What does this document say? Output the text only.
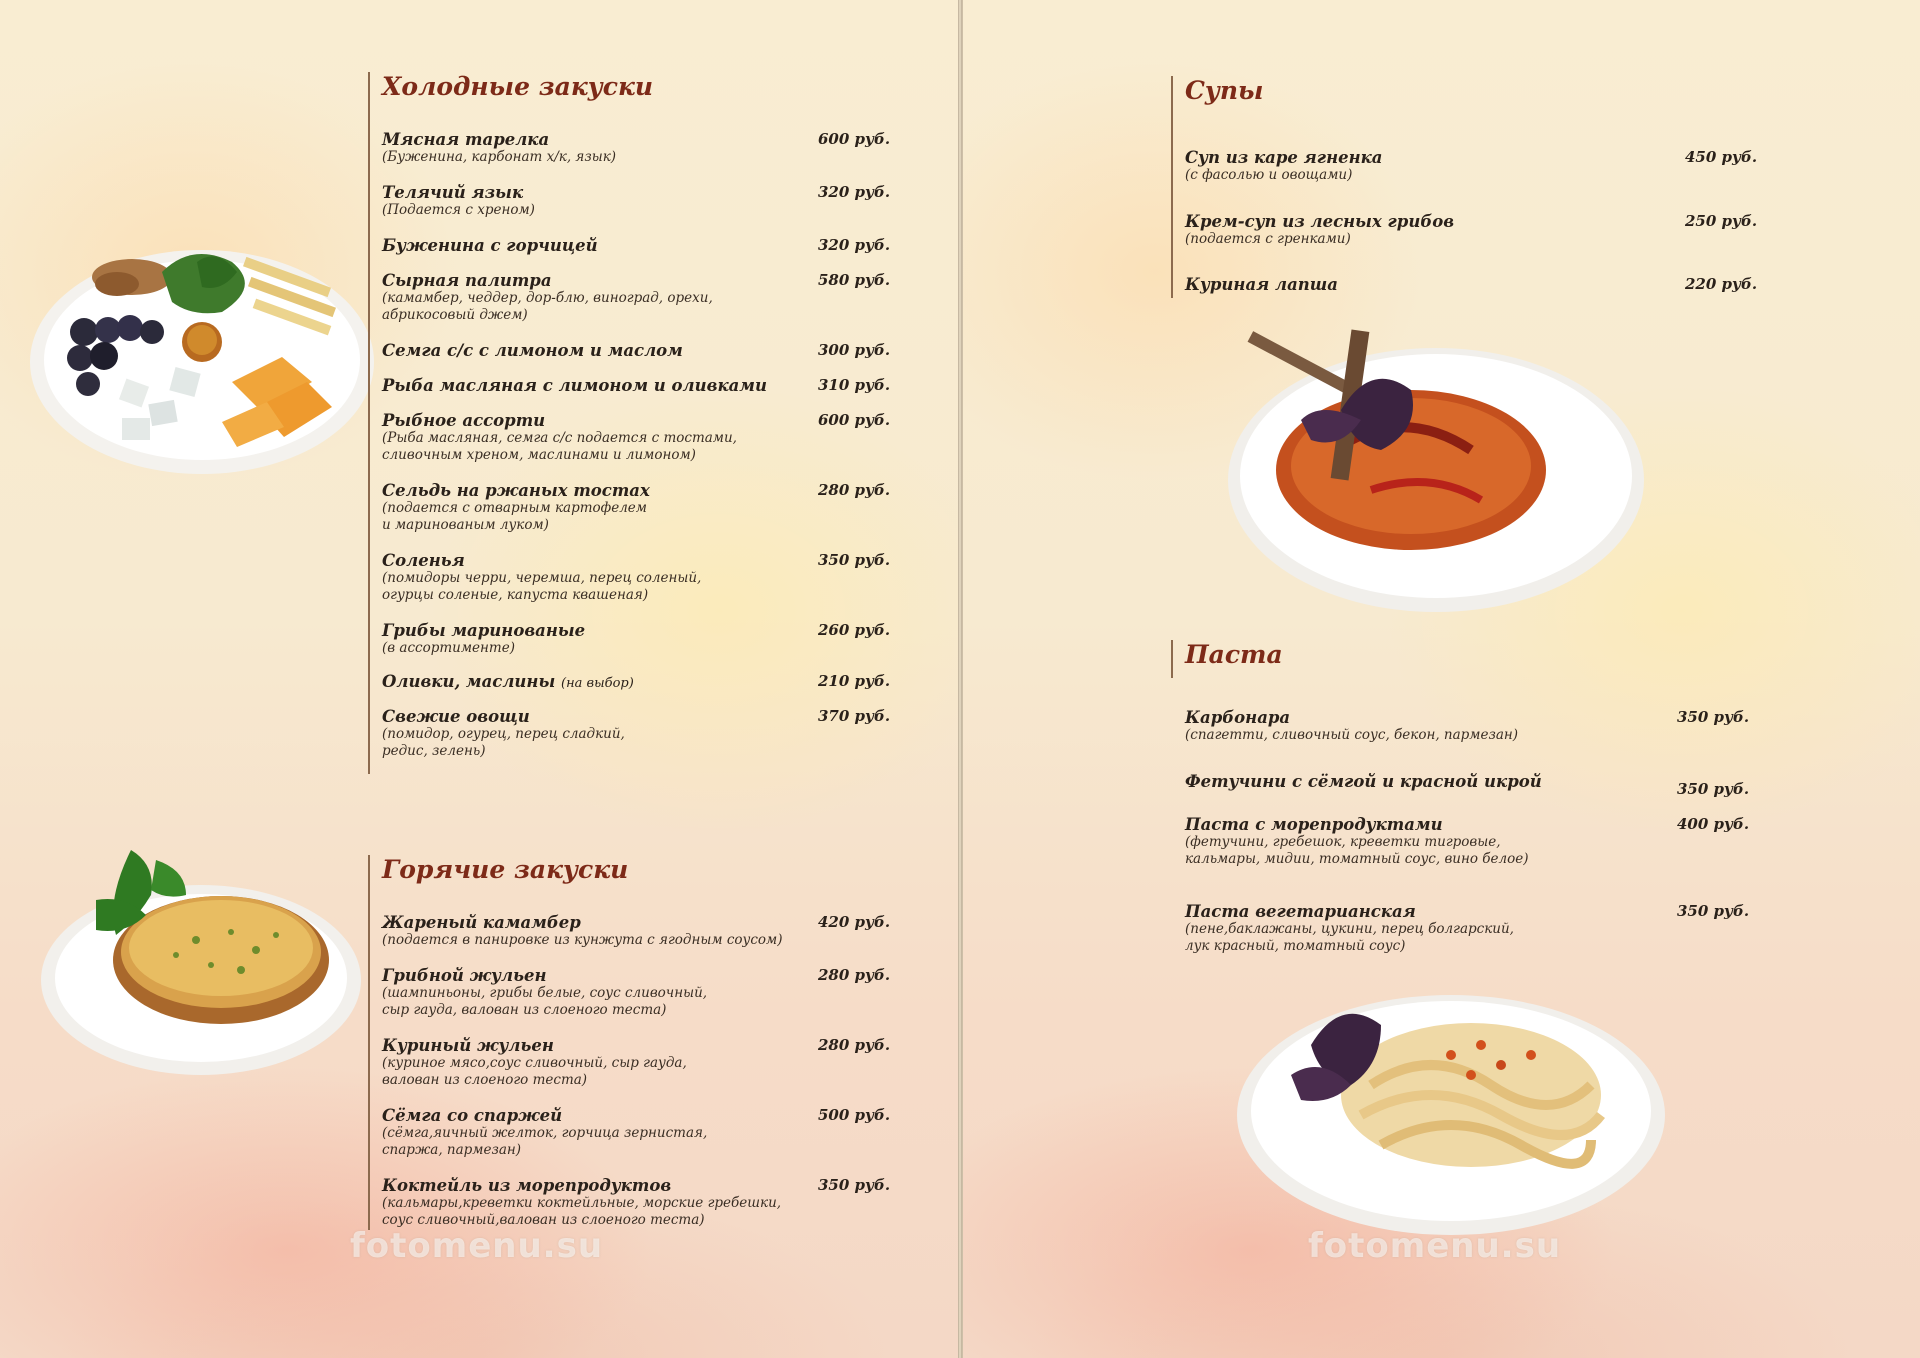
Холодные закуски
Мясная тарелка
(Буженина, карбонат х/к, язык)
600 руб.
Телячий язык
(Подается с хреном)
320 руб.
Буженина с горчицей	320 руб.
Сырная палитра
(камамбер, чеддер, дор-блю, виноград, орехи,
абрикосовый джем)
580 руб.
Семга с/с с лимоном и маслом	300 руб.
Рыба масляная с лимоном и оливками	310 руб.
Рыбное ассорти
(Рыба масляная, семга с/с подается с тостами,
сливочным хреном, маслинами и лимоном)
600 руб.
Сельдь на ржаных тостах
(подается с отварным картофелем
и маринованым луком)
280 руб.
Соленья
(помидоры черри, черемша, перец соленый,
огурцы соленые, капуста квашеная)
350 руб.
Грибы маринованые
(в ассортименте)
260 руб.
Оливки, маслины (на выбор)	210 руб.
Свежие овощи
(помидор, огурец, перец сладкий,
редис, зелень)
370 руб.
Горячие закуски
Жареный камамбер
(подается в панировке из кунжута с ягодным соусом)
420 руб.
Грибной жульен
(шампиньоны, грибы белые, соус сливочный,
сыр гауда, валован из слоеного теста)
280 руб.
Куриный жульен
(куриное мясо,соус сливочный, сыр гауда,
валован из слоеного теста)
280 руб.
Сёмга со спаржей
(сёмга,яичный желток, горчица зернистая,
спаржа, пармезан)
500 руб.
Коктейль из морепродуктов
(кальмары,креветки коктейльные, морские гребешки,
соус сливочный,валован из слоеного теста)
350 руб.
fotomenu.su
Супы
Суп из каре ягненка
(с фасолью и овощами)
450 руб.
Крем-суп из лесных грибов
(подается с гренками)
250 руб.
Куриная лапша	220 руб.
Паста
Карбонара
(спагетти, сливочный соус, бекон, пармезан)
350 руб.
Фетучини с сёмгой и красной икрой	350 руб.
Паста с морепродуктами
(фетучини, гребешок, креветки тигровые,
кальмары, мидии, томатный соус, вино белое)
400 руб.
Паста вегетарианская
(пене,баклажаны, цукини, перец болгарский,
лук красный, томатный соус)
350 руб.
fotomenu.su
